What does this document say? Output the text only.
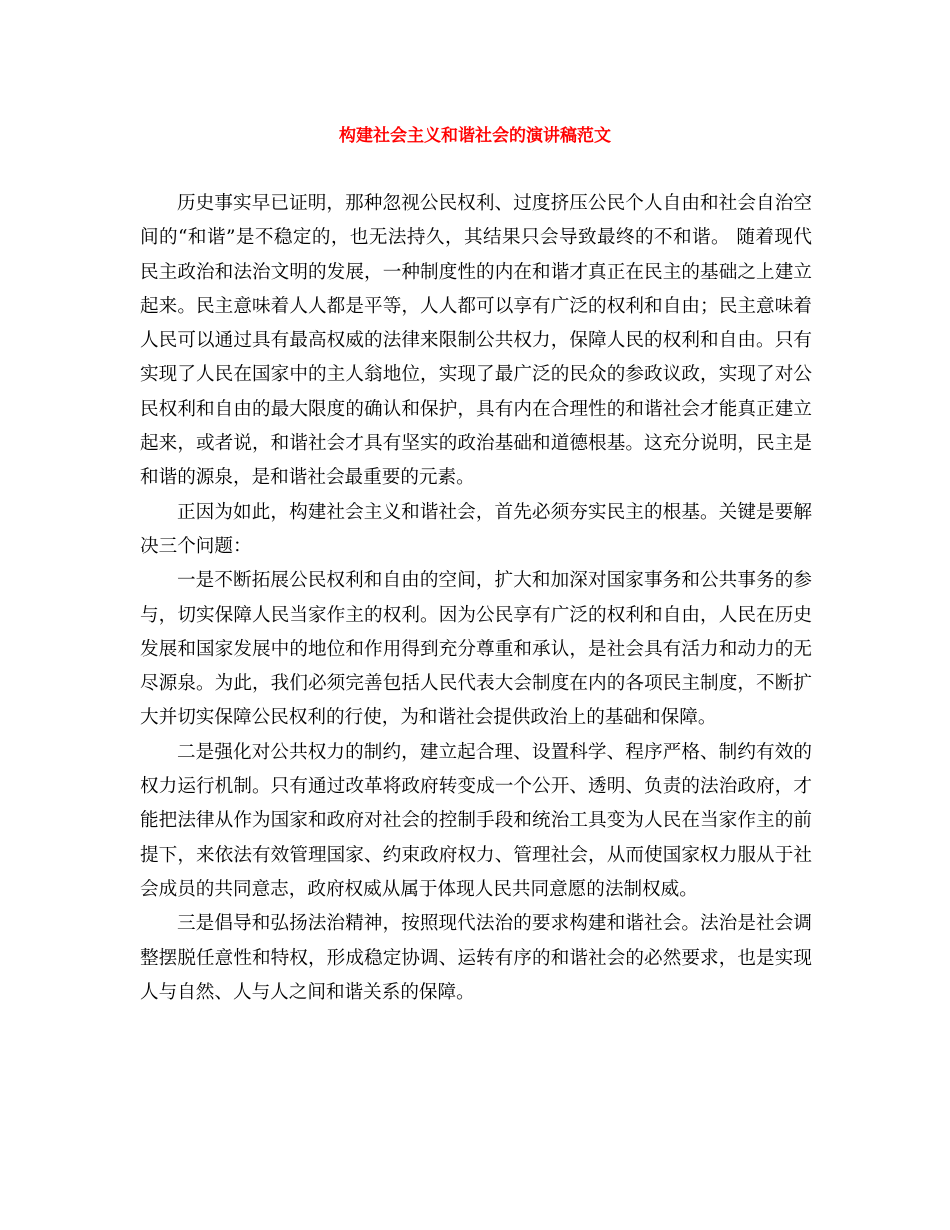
构建社会主义和谐社会的演讲稿范文

历史事实早已证明，那种忽视公民权利、过度挤压公民个人自由和社会自治空间的“和谐”是不稳定的，也无法持久，其结果只会导致最终的不和谐。 随着现代民主政治和法治文明的发展，一种制度性的内在和谐才真正在民主的基础之上建立起来。民主意味着人人都是平等，人人都可以享有广泛的权利和自由；民主意味着人民可以通过具有最高权威的法律来限制公共权力，保障人民的权利和自由。只有实现了人民在国家中的主人翁地位，实现了最广泛的民众的参政议政，实现了对公民权利和自由的最大限度的确认和保护，具有内在合理性的和谐社会才能真正建立起来，或者说，和谐社会才具有坚实的政治基础和道德根基。这充分说明，民主是和谐的源泉，是和谐社会最重要的元素。

正因为如此，构建社会主义和谐社会，首先必须夯实民主的根基。关键是要解决三个问题：

一是不断拓展公民权利和自由的空间，扩大和加深对国家事务和公共事务的参与，切实保障人民当家作主的权利。因为公民享有广泛的权利和自由，人民在历史发展和国家发展中的地位和作用得到充分尊重和承认，是社会具有活力和动力的无尽源泉。为此，我们必须完善包括人民代表大会制度在内的各项民主制度，不断扩大并切实保障公民权利的行使，为和谐社会提供政治上的基础和保障。

二是强化对公共权力的制约，建立起合理、设置科学、程序严格、制约有效的权力运行机制。只有通过改革将政府转变成一个公开、透明、负责的法治政府，才能把法律从作为国家和政府对社会的控制手段和统治工具变为人民在当家作主的前提下，来依法有效管理国家、约束政府权力、管理社会，从而使国家权力服从于社会成员的共同意志，政府权威从属于体现人民共同意愿的法制权威。

三是倡导和弘扬法治精神，按照现代法治的要求构建和谐社会。法治是社会调整摆脱任意性和特权，形成稳定协调、运转有序的和谐社会的必然要求，也是实现人与自然、人与人之间和谐关系的保障。
